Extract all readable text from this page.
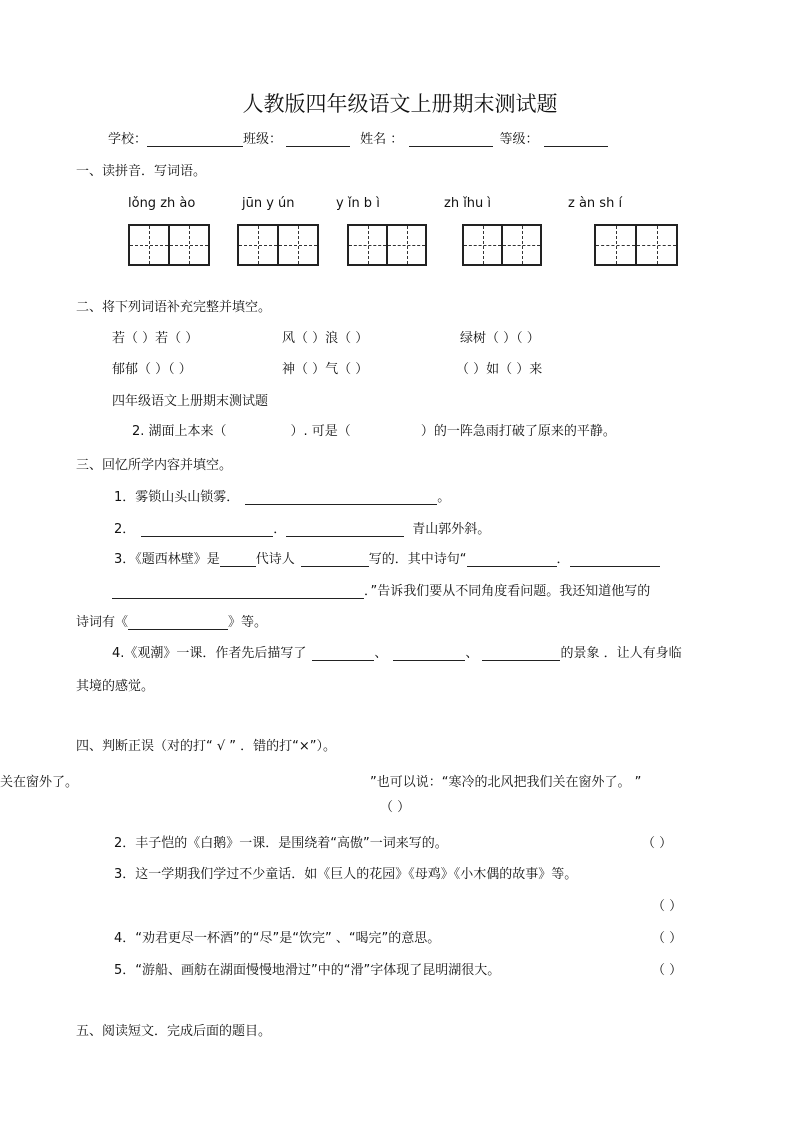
人教版四年级语文上册期末测试题
学校：	班级：	姓名 ：	等级：
一、读拼音．写词语。
lǒng zh ào	jūn y ún	y ǐn b ì	zh ǐhu ì	z àn sh í
二、将下列词语补充完整并填空。
若（ ）若（ ）	风（ ）浪（ ）	绿树（ ）（ ）
郁郁（ ）（ ）	神（ ）气（ ）	（ ）如（ ）来
四年级语文上册期末测试题
2. 湖面上本来（	）. 可是（	）的一阵急雨打破了原来的平静。
三、回忆所学内容并填空。
1．雾锁山头山锁雾．	。
2．	．	青山郭外斜。
3．《题西林壁》是	代诗人	写的．其中诗句“	．
．”告诉我们要从不同角度看问题。我还知道他写的
诗词有《	》等。
4.《观潮》一课．作者先后描写了	、	、	的景象 ．让人有身临
其境的感觉。
四、判断正误（对的打“ √ ” ．错的打“×”）。
关在窗外了。	”也可以说：“寒冷的北风把我们关在窗外了。 ”
（ ）
2．丰子恺的《白鹅》一课．是围绕着“高傲”一词来写的。	（ ）
3．这一学期我们学过不少童话．如《巨人的花园》《母鸡》《小木偶的故事》等。
（ ）
4．“劝君更尽一杯酒”的“尽”是“饮完” 、“喝完”的意思。	（ ）
5．“游船、画舫在湖面慢慢地滑过”中的“滑”字体现了昆明湖很大。	（ ）
五、阅读短文．完成后面的题目。
